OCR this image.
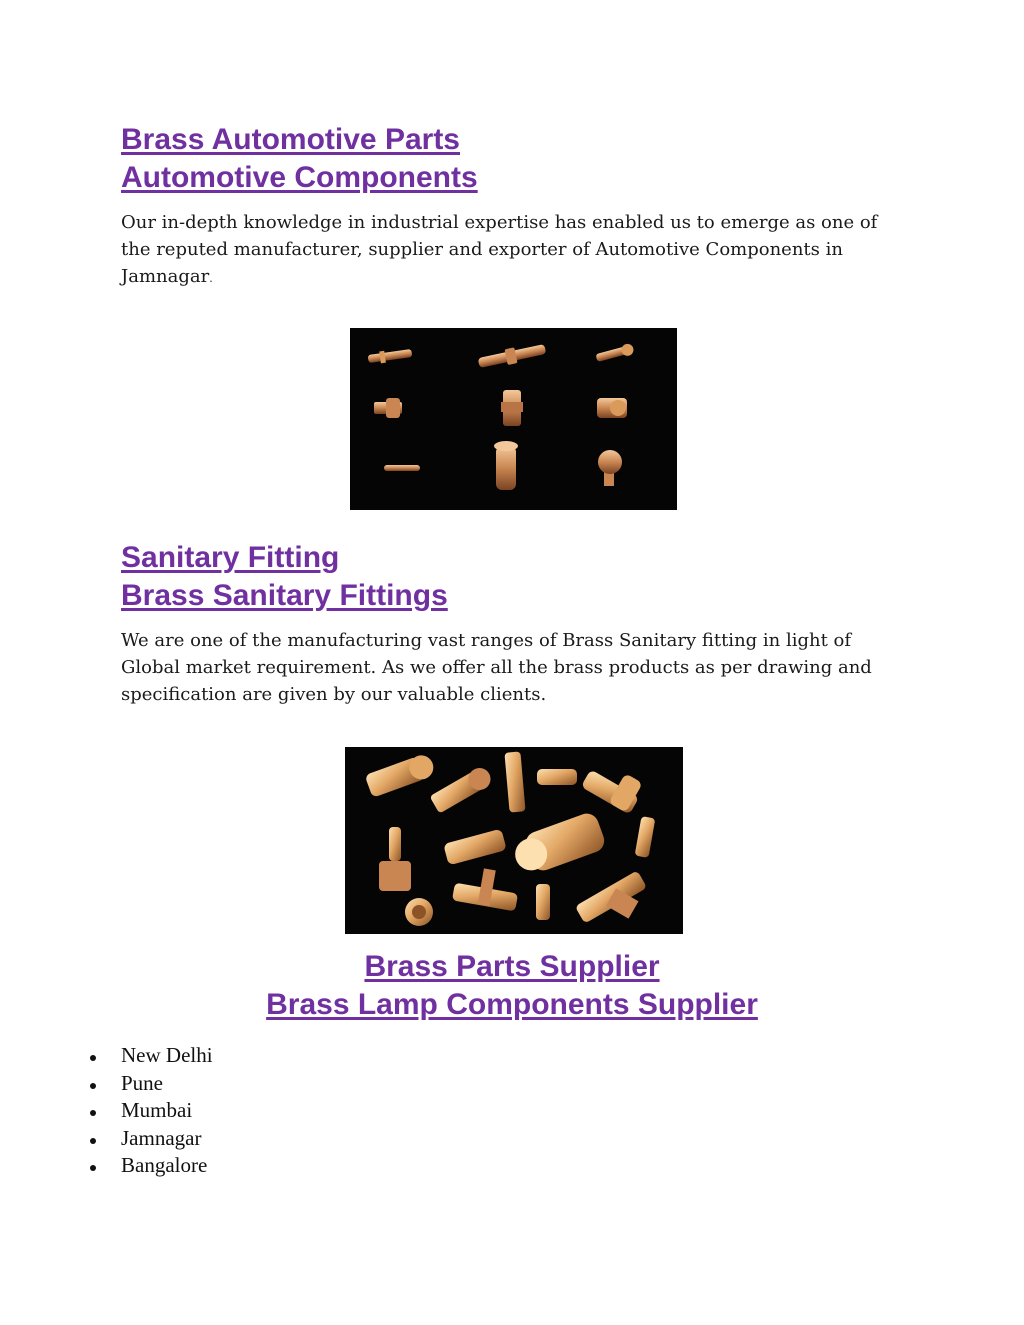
Brass Automotive Parts
Automotive Components

Our in-depth knowledge in industrial expertise has enabled us to emerge as one of the reputed manufacturer, supplier and exporter of Automotive Components in Jamnagar.

Sanitary Fitting
Brass Sanitary Fittings

We are one of the manufacturing vast ranges of Brass Sanitary fitting in light of Global market requirement. As we offer all the brass products as per drawing and specification are given by our valuable clients.

Brass Parts Supplier
Brass Lamp Components Supplier
New Delhi
Pune
Mumbai
Jamnagar
Bangalore
